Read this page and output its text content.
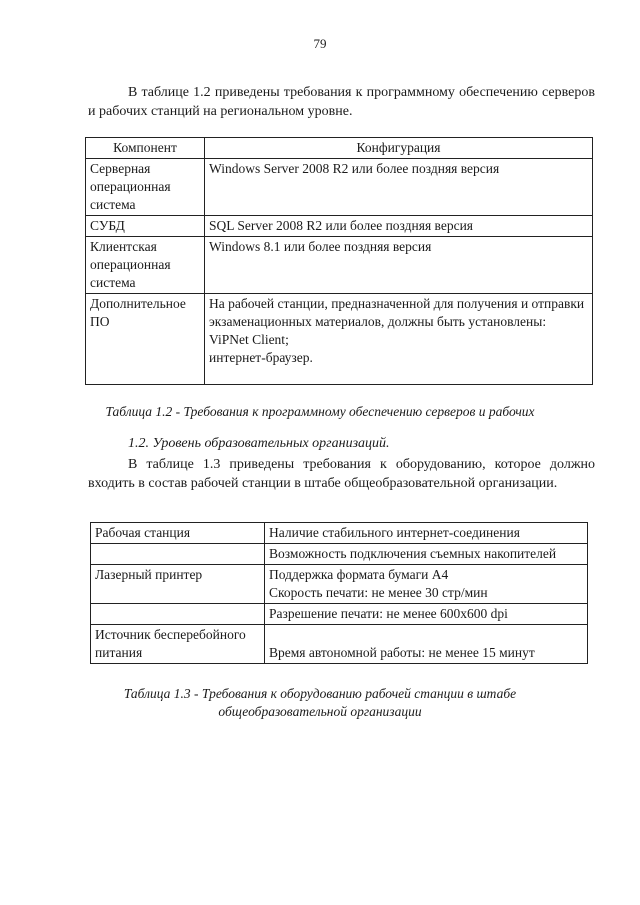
79
В таблице 1.2 приведены требования к программному обеспечению серверов и рабочих станций на региональном уровне.
Компонент	Конфигурация
Серверная операционная система	Windows Server 2008 R2 или более поздняя версия
СУБД	SQL Server 2008 R2 или более поздняя версия
Клиентская операционная система	Windows 8.1 или более поздняя версия
Дополнительное ПО	На рабочей станции, предназначенной для получения и отправки экзаменационных материалов, должны быть установлены:
ViPNet Client;
интернет-браузер.
Таблица 1.2 - Требования к программному обеспечению серверов и рабочих
1.2. Уровень образовательных организаций.
В таблице 1.3 приведены требования к оборудованию, которое должно входить в состав рабочей станции в штабе общеобразовательной организации.
Рабочая станция	Наличие стабильного интернет-соединения
	Возможность подключения съемных накопителей
Лазерный принтер	Поддержка формата бумаги А4
Скорость печати: не менее 30 стр/мин

	Разрешение печати: не менее 600x600 dpi
Источник бесперебойного питания	Время автономной работы: не менее 15 минут
Таблица 1.3 - Требования к оборудованию рабочей станции в штабе
общеобразовательной организации
